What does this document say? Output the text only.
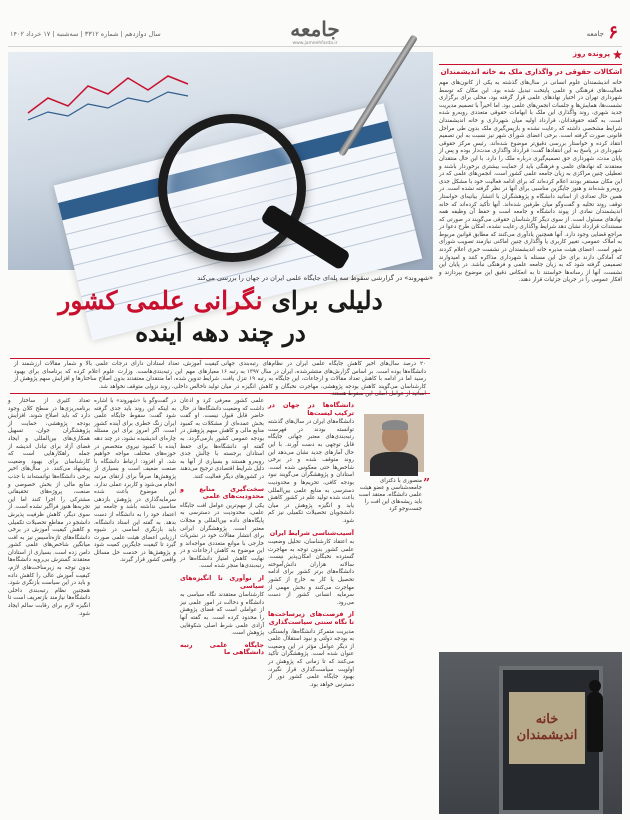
سال دوازدهم | شماره ۳۳۱۲ | سه‌شنبه | ۱۷ خرداد ۱۴۰۲	جامعه
www.jameehfarda.ir
جامعه ۶
«شهروند» در گزارشی سقوط سه پله‌ای جایگاه علمی ایران در جهان را بررسی می‌کند
دلیلی برای نگرانی علمی کشور
در چند دهه آینده
۲۰ درصد سال‌های اخیر کاهش جایگاه علمی ایران در نظام‌های رتبه‌بندی جهانی دانشگاه‌ها بوده است. بر اساس گزارش‌های منتشرشده، ایران در سال ۱۳۹۷ به رتبه ۱۶ رسید اما در ادامه با کاهش تعداد مقالات و ارجاعات، این جایگاه به رتبه ۱۹ تنزل یافت. کارشناسان می‌گویند کاهش بودجه پژوهشی، مهاجرت نخبگان و کاهش انگیزه در میان اساتید از عوامل اصلی این سقوط هستند.
کیفیت آموزش، تعداد استادان دارای درجات علمی بالا و شمار مقالات ارزشمند از معیارهای مهم این رتبه‌بندی‌هاست. وزارت علوم اعلام کرده که برنامه‌ای برای بهبود شرایط تدوین شده، اما منتقدان معتقدند بدون اصلاح ساختارها و افزایش سهم پژوهش از تولید ناخالص داخلی، روند نزولی متوقف نخواهد شد.
”
منصوری با دکترای جامعه‌شناسی و عضو هیئت علمی دانشگاه، معتقد است باید ریشه‌های این افت را جست‌وجو کرد
دانشگاه‌ها در جهان در ترکیب لیست‌ها
دانشگاه‌های ایران در سال‌های گذشته توانسته بودند در فهرست رتبه‌بندی‌های معتبر جهانی جایگاه قابل توجهی به دست آورند. با این حال آمارهای جدید نشان می‌دهد این روند متوقف شده و در برخی شاخص‌ها حتی معکوس شده است. استادان و پژوهشگران می‌گویند نبود بودجه کافی، تحریم‌ها و محدودیت دسترسی به منابع علمی بین‌المللی باعث شده تولید علم در کشور کاهش یابد و انگیزه پژوهش در میان دانشجویان تحصیلات تکمیلی نیز کم شود.
آسیب‌شناسی شرایط ایران
به اعتقاد کارشناسان، تحلیل وضعیت علمی کشور بدون توجه به مهاجرت گسترده نخبگان امکان‌پذیر نیست. سالانه هزاران دانش‌آموخته دانشگاه‌های برتر کشور برای ادامه تحصیل یا کار به خارج از کشور مهاجرت می‌کنند و بخش مهمی از سرمایه انسانی کشور از دست می‌رود.
از فرصت‌های زیرساخت‌ها تا نگاه سنتی سیاست‌گذاری
مدیریت متمرکز دانشگاه‌ها، وابستگی به بودجه دولتی و نبود استقلال علمی از دیگر عوامل مؤثر در این وضعیت عنوان شده است. پژوهشگران تأکید می‌کنند که تا زمانی که پژوهش در اولویت سیاست‌گذاری قرار نگیرد، بهبود جایگاه علمی کشور دور از دسترس خواهد بود.
علمی کشور معرفی کرد و اذعان داشت که وضعیت دانشگاه‌ها در حال حاضر قابل قبول نیست. او گفت بخش عمده‌ای از مشکلات به کمبود منابع مالی و کاهش سهم پژوهش در بودجه عمومی کشور بازمی‌گردد. به گفته او، دانشگاه‌ها برای حفظ استادان برجسته با چالش جدی روبه‌رو هستند و بسیاری از آنها به دلیل شرایط اقتصادی ترجیح می‌دهند در کشورهای دیگر فعالیت کنند.
سخت‌گیری منابع و محدودیت‌های علمی
یکی از مهم‌ترین عوامل افت جایگاه علمی، محدودیت در دسترسی به پایگاه‌های داده بین‌المللی و مجلات معتبر است. پژوهشگران ایرانی برای انتشار مقالات خود در نشریات خارجی با موانع متعددی مواجه‌اند و این موضوع به کاهش ارجاعات و در نهایت کاهش امتیاز دانشگاه‌ها در رتبه‌بندی‌ها منجر شده است.
از نوآوری تا انگیزه‌های سیاسی
کارشناسان معتقدند نگاه سیاسی به دانشگاه و دخالت در امور علمی نیز از عواملی است که فضای پژوهش را محدود کرده است. به گفته آنها آزادی علمی شرط اصلی شکوفایی پژوهش است.
جایگاه علمی رتبه دانشگاهی ما
در گفت‌وگو با «شهروند» با اشاره به اینکه این روند باید جدی گرفته شود گفت: سقوط جایگاه علمی ایران زنگ خطری برای آینده کشور است. اگر امروز برای این مسئله چاره‌ای اندیشیده نشود، در چند دهه آینده با کمبود نیروی متخصص در حوزه‌های مختلف مواجه خواهیم شد. او افزود: ارتباط دانشگاه با صنعت ضعیف است و بسیاری از پژوهش‌ها صرفاً برای ارتقای مرتبه انجام می‌شود و کاربرد عملی ندارد. این موضوع باعث شده سرمایه‌گذاری در پژوهش بازدهی مناسبی نداشته باشد و جامعه نیز اعتماد خود را به دانشگاه از دست بدهد. به گفته این استاد دانشگاه، باید بازنگری اساسی در شیوه ارزیابی اعضای هیئت علمی صورت گیرد تا کیفیت جایگزین کمیت شود و پژوهش‌ها در خدمت حل مسائل واقعی کشور قرار گیرند.
تعداد کثیری از ساختار و برنامه‌ریزی‌ها در سطح کلان وجود دارد که باید اصلاح شوند. افزایش بودجه پژوهشی، حمایت از پژوهشگران جوان، تسهیل همکاری‌های بین‌المللی و ایجاد فضای آزاد برای تبادل اندیشه از جمله راهکارهایی است که کارشناسان برای بهبود وضعیت پیشنهاد می‌کنند. در سال‌های اخیر برخی دانشگاه‌ها توانسته‌اند با جذب منابع مالی از بخش خصوصی و صنعت، پروژه‌های تحقیقاتی مشترکی را اجرا کنند اما این تجربه‌ها هنوز فراگیر نشده است. از سوی دیگر، کاهش ظرفیت پذیرش دانشجو در مقاطع تحصیلات تکمیلی و کاهش کیفیت آموزش در برخی دانشگاه‌های تازه‌تأسیس نیز به افت میانگین شاخص‌های علمی کشور دامن زده است. بسیاری از استادان معتقدند گسترش بی‌رویه دانشگاه‌ها بدون توجه به زیرساخت‌های لازم، کیفیت آموزش عالی را کاهش داده و باید در این سیاست بازنگری شود. همچنین نظام رتبه‌بندی داخلی دانشگاه‌ها نیازمند بازتعریف است تا انگیزه لازم برای رقابت سالم ایجاد شود.
پرونده روز
اشکالات حقوقی در واگذاری ملک به خانه اندیشمندان
خانه اندیشمندان علوم انسانی در سال‌های گذشته به یکی از کانون‌های مهم فعالیت‌های فرهنگی و علمی پایتخت تبدیل شده بود. این مکان که توسط شهرداری تهران در اختیار نهادهای علمی قرار گرفته بود، محلی برای برگزاری نشست‌ها، همایش‌ها و جلسات انجمن‌های علمی بود. اما اخیراً با تصمیم مدیریت جدید شهری، روند واگذاری این ملک با ابهامات حقوقی متعددی روبه‌رو شده است. به گفته حقوقدانان، قرارداد اولیه میان شهرداری و خانه اندیشمندان شرایط مشخصی داشته که رعایت نشده و بازپس‌گیری ملک بدون طی مراحل قانونی صورت گرفته است. برخی اعضای شورای شهر نیز نسبت به این تصمیم انتقاد کرده و خواستار بررسی دقیق‌تر موضوع شده‌اند. رئیس مرکز حقوقی شهرداری در پاسخ به این انتقادها گفت: قرارداد واگذاری مدت‌دار بوده و پس از پایان مدت، شهرداری حق تصمیم‌گیری درباره ملک را دارد. با این حال منتقدان معتقدند که نهادهای علمی و فرهنگی باید از حمایت بیشتری برخوردار باشند و تعطیلی چنین مراکزی به زیان جامعه علمی کشور است. انجمن‌های علمی که در این مکان مستقر بودند اعلام کرده‌اند که برای ادامه فعالیت خود با مشکل جدی روبه‌رو شده‌اند و هنوز جایگزین مناسبی برای آنها در نظر گرفته نشده است. در همین حال تعدادی از اساتید دانشگاه و پژوهشگران با انتشار بیانیه‌ای خواستار توقف روند تخلیه و گفت‌وگو میان طرفین شده‌اند. آنها تأکید کرده‌اند که خانه اندیشمندان نمادی از پیوند دانشگاه و جامعه است و حفظ آن وظیفه همه نهادهای مسئول است. از سوی دیگر کارشناسان حقوقی می‌گویند در صورتی که مستندات قرارداد نشان دهد شرایط واگذاری رعایت نشده، امکان طرح دعوا در مراجع قضایی وجود دارد. آنها همچنین یادآوری می‌کنند که مطابق قوانین مربوط به املاک عمومی، تغییر کاربری یا واگذاری چنین اماکنی نیازمند تصویب شورای شهر است. اعضای هیئت مدیره خانه اندیشمندان در نشست خبری اعلام کردند که آمادگی دارند برای حل این مسئله با شهرداری مذاکره کنند و امیدوارند تصمیمی گرفته شود که به زیان جامعه علمی و فرهنگی نباشد. در پایان این نشست، آنها از رسانه‌ها خواستند تا به انعکاس دقیق این موضوع بپردازند و افکار عمومی را در جریان جزئیات قرار دهند.
خانه
اندیشمندان
